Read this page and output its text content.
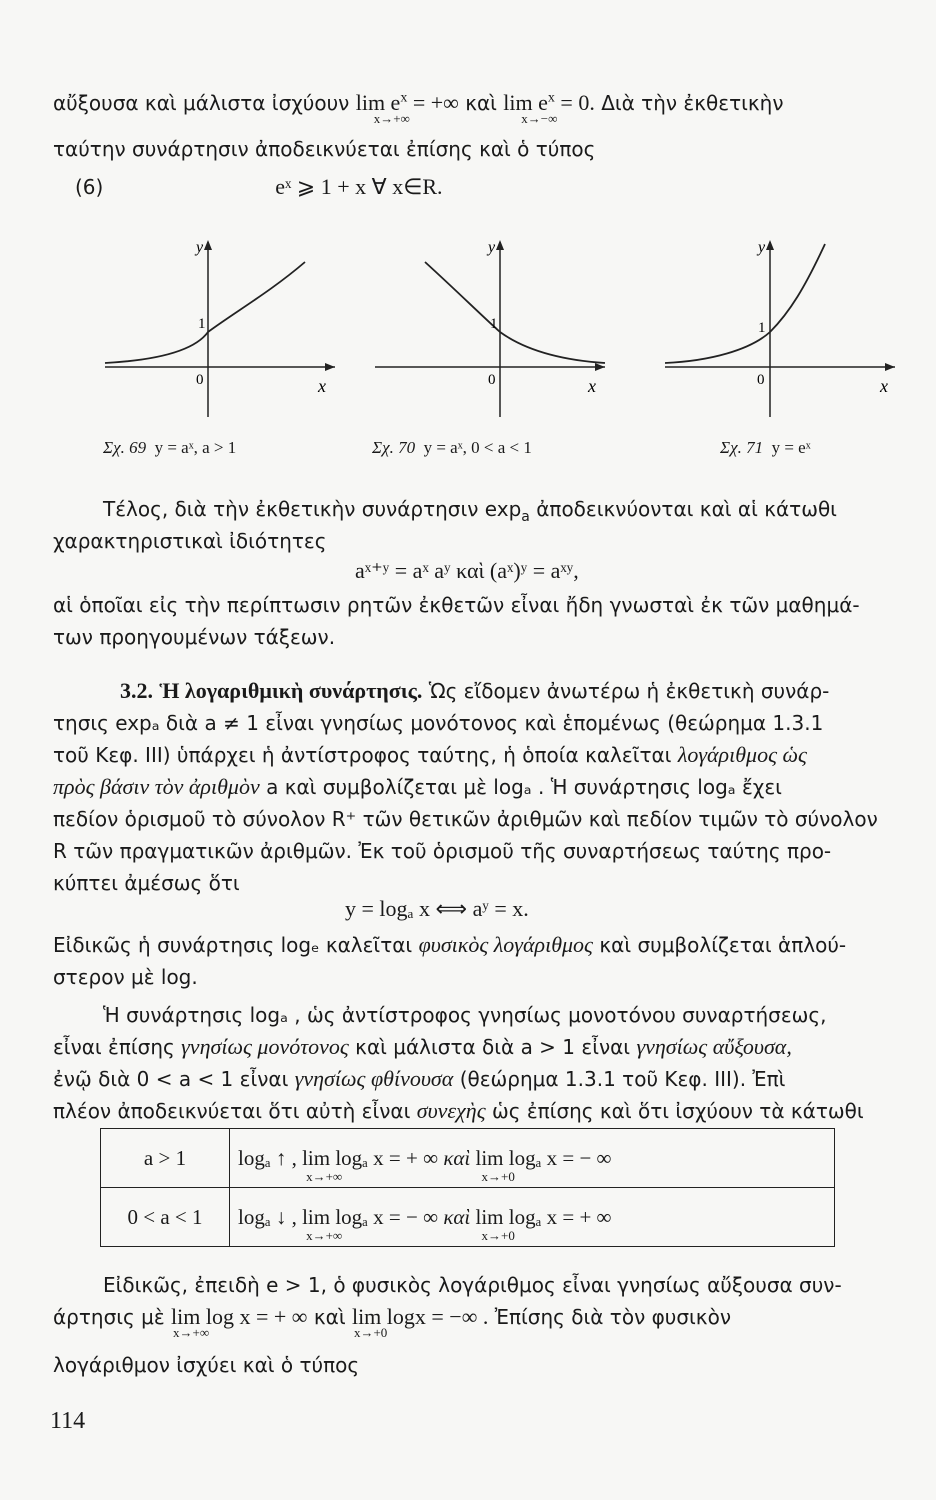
αὔξουσα καὶ μάλιστα ἰσχύουν $\lim e^x$ = +∞
x→+∞
καὶ $\lim e^x = 0$.
x→−∞
Διὰ τὴν ἐκθετικὴν
ταύτην συνάρτησιν ἀποδεικνύεται ἐπίσης καὶ ὁ τύπος
(6)	eˣ ⩾ 1 + x ∀ x∈R.
y
x
0
1
y
x
0
1
y
x
0
1
Σχ. 69 y = aˣ, a > 1	Σχ. 70 y = aˣ, 0 < a < 1	Σχ. 71 y = eˣ
Τέλος, διὰ τὴν ἐκθετικὴν συνάρτησιν $\exp_a$ ἀποδεικνύονται καὶ αἱ κάτωθι
χαρακτηριστικαὶ ἰδιότητες
aˣ⁺ʸ = aˣ aʸ καὶ (aˣ)ʸ = aˣʸ,
αἱ ὁποῖαι εἰς τὴν περίπτωσιν ρητῶν ἐκθετῶν εἶναι ἤδη γνωσταὶ ἐκ τῶν μαθημά-
των προηγουμένων τάξεων.
3.2. Ἡ λογαριθμικὴ συνάρτησις. Ὡς εἴδομεν ἀνωτέρω ἡ ἐκθετικὴ συνάρ-
τησις expₐ διὰ a ≠ 1 εἶναι γνησίως μονότονος καὶ ἑπομένως (θεώρημα 1.3.1
τοῦ Κεφ. III) ὑπάρχει ἡ ἀντίστροφος ταύτης, ἡ ὁποία καλεῖται λογάριθμος ὡς
πρὸς βάσιν τὸν ἀριθμὸν a καὶ συμβολίζεται μὲ logₐ . Ἡ συνάρτησις logₐ ἔχει
πεδίον ὁρισμοῦ τὸ σύνολον R⁺ τῶν θετικῶν ἀριθμῶν καὶ πεδίον τιμῶν τὸ σύνολον
R τῶν πραγματικῶν ἀριθμῶν. Ἐκ τοῦ ὁρισμοῦ τῆς συναρτήσεως ταύτης προ-
κύπτει ἀμέσως ὅτι
y = logₐ x ⟺ aʸ = x.
Εἰδικῶς ἡ συνάρτησις logₑ καλεῖται φυσικὸς λογάριθμος καὶ συμβολίζεται ἁπλού-
στερον μὲ log.
Ἡ συνάρτησις logₐ , ὡς ἀντίστροφος γνησίως μονοτόνου συναρτήσεως,
εἶναι ἐπίσης γνησίως μονότονος καὶ μάλιστα διὰ a > 1 εἶναι γνησίως αὔξουσα,
ἐνῷ διὰ 0 < a < 1 εἶναι γνησίως φθίνουσα (θεώρημα 1.3.1 τοῦ Κεφ. III). Ἐπὶ
πλέον ἀποδεικνύεται ὅτι αὐτὴ εἶναι συνεχὴς ὡς ἐπίσης καὶ ὅτι ἰσχύουν τὰ κάτωθι
a > 1	logₐ ↑ , lim logₐ x = + ∞
x→+∞
καὶ lim logₐ x = − ∞
x→+0

0 < a < 1	logₐ ↓ , lim logₐ x = − ∞
x→+∞
καὶ lim logₐ x = + ∞
x→+0
Εἰδικῶς, ἐπειδὴ e > 1, ὁ φυσικὸς λογάριθμος εἶναι γνησίως αὔξουσα συν-
άρτησις μὲ lim log x = + ∞
x→+∞
καὶ lim logx = −∞ .
x→+0
Ἐπίσης διὰ τὸν φυσικὸν
λογάριθμον ἰσχύει καὶ ὁ τύπος
114
